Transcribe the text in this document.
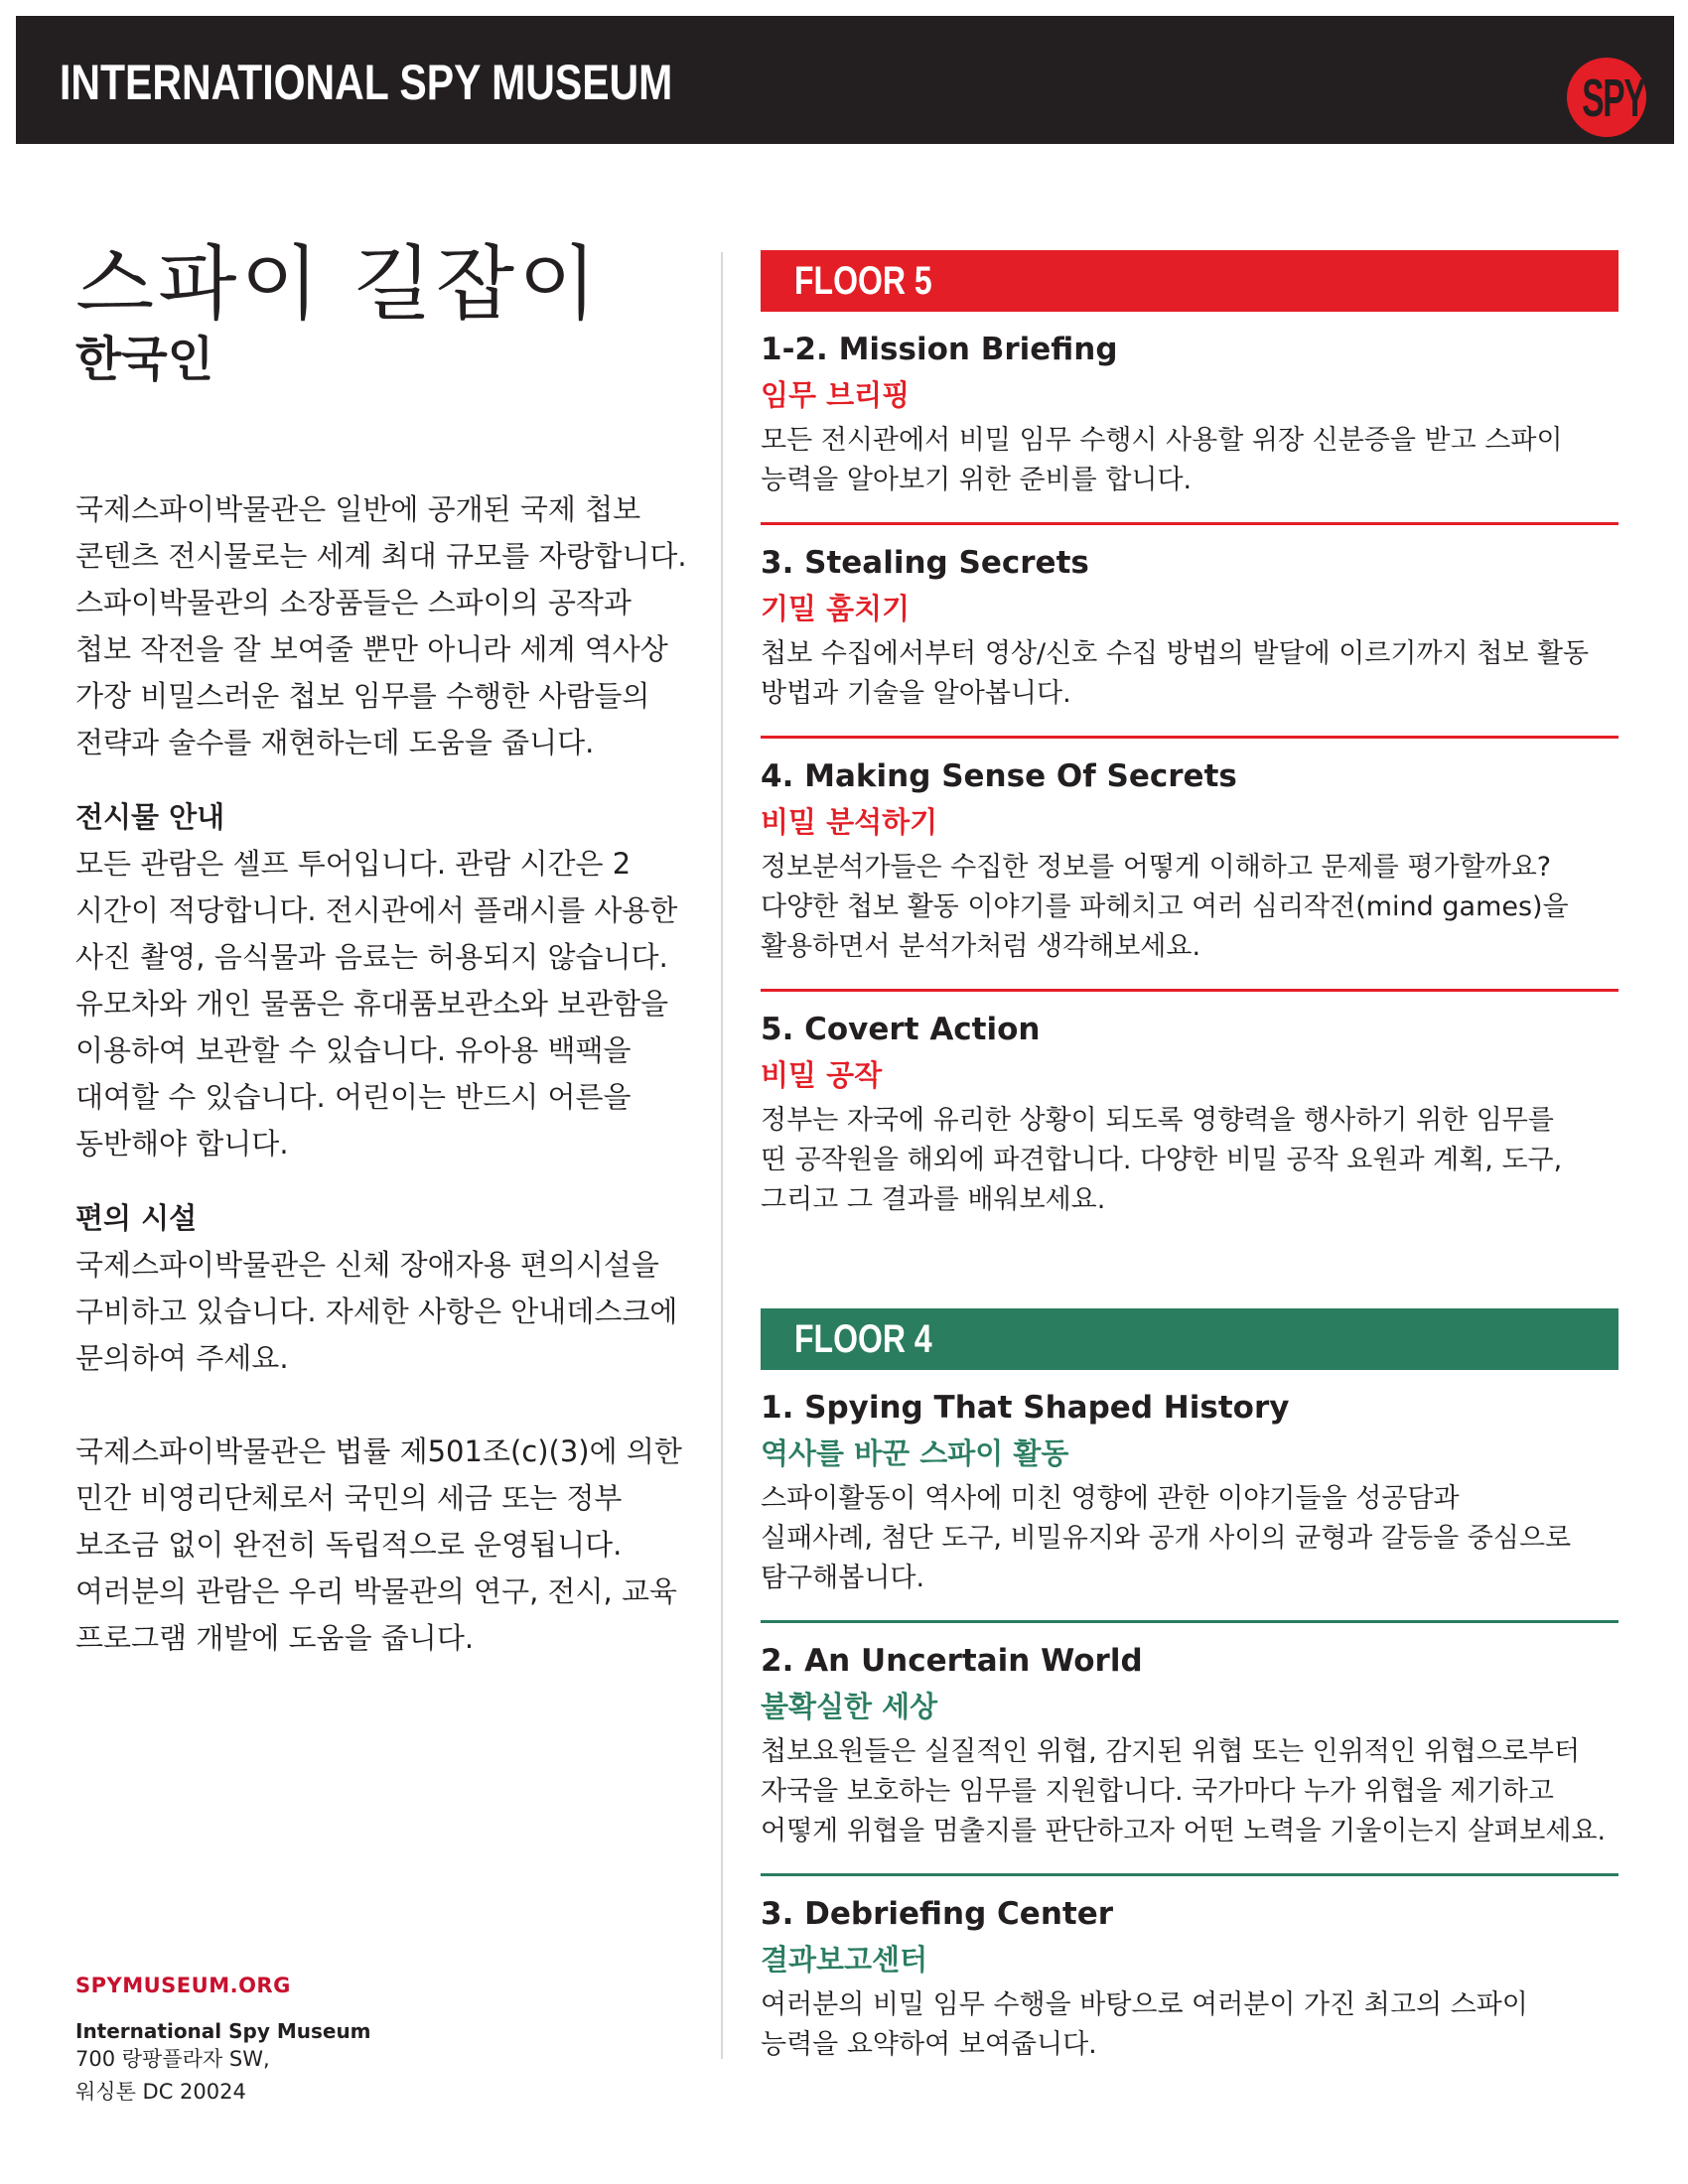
INTERNATIONAL SPY MUSEUM	SPY
스파이 길잡이

한국인

국제스파이박물관은 일반에 공개된 국제 첩보

콘텐츠 전시물로는 세계 최대 규모를 자랑합니다.

스파이박물관의 소장품들은 스파이의 공작과

첩보 작전을 잘 보여줄 뿐만 아니라 세계 역사상

가장 비밀스러운 첩보 임무를 수행한 사람들의

전략과 술수를 재현하는데 도움을 줍니다.

전시물 안내

모든 관람은 셀프 투어입니다. 관람 시간은 2

시간이 적당합니다. 전시관에서 플래시를 사용한

사진 촬영, 음식물과 음료는 허용되지 않습니다.

유모차와 개인 물품은 휴대품보관소와 보관함을

이용하여 보관할 수 있습니다. 유아용 백팩을

대여할 수 있습니다. 어린이는 반드시 어른을

동반해야 합니다.

편의 시설

국제스파이박물관은 신체 장애자용 편의시설을

구비하고 있습니다. 자세한 사항은 안내데스크에

문의하여 주세요.

국제스파이박물관은 법률 제501조(c)(3)에 의한

민간 비영리단체로서 국민의 세금 또는 정부

보조금 없이 완전히 독립적으로 운영됩니다.

여러분의 관람은 우리 박물관의 연구, 전시, 교육

프로그램 개발에 도움을 줍니다.

SPYMUSEUM.ORG

International Spy Museum

700 랑팡플라자 SW,

워싱톤 DC 20024

FLOOR 5

1-2. Mission Briefing

임무 브리핑

모든 전시관에서 비밀 임무 수행시 사용할 위장 신분증을 받고 스파이
능력을 알아보기 위한 준비를 합니다.

3. Stealing Secrets

기밀 훔치기

첩보 수집에서부터 영상/신호 수집 방법의 발달에 이르기까지 첩보 활동
방법과 기술을 알아봅니다.

4. Making Sense Of Secrets

비밀 분석하기

정보분석가들은 수집한 정보를 어떻게 이해하고 문제를 평가할까요?
다양한 첩보 활동 이야기를 파헤치고 여러 심리작전(mind games)을
활용하면서 분석가처럼 생각해보세요.

5. Covert Action

비밀 공작

정부는 자국에 유리한 상황이 되도록 영향력을 행사하기 위한 임무를
띤 공작원을 해외에 파견합니다. 다양한 비밀 공작 요원과 계획, 도구,
그리고 그 결과를 배워보세요.

FLOOR 4

1. Spying That Shaped History

역사를 바꾼 스파이 활동

스파이활동이 역사에 미친 영향에 관한 이야기들을 성공담과
실패사례, 첨단 도구, 비밀유지와 공개 사이의 균형과 갈등을 중심으로
탐구해봅니다.

2. An Uncertain World

불확실한 세상

첩보요원들은 실질적인 위협, 감지된 위협 또는 인위적인 위협으로부터
자국을 보호하는 임무를 지원합니다. 국가마다 누가 위협을 제기하고
어떻게 위협을 멈출지를 판단하고자 어떤 노력을 기울이는지 살펴보세요.

3. Debriefing Center

결과보고센터

여러분의 비밀 임무 수행을 바탕으로 여러분이 가진 최고의 스파이
능력을 요약하여 보여줍니다.
